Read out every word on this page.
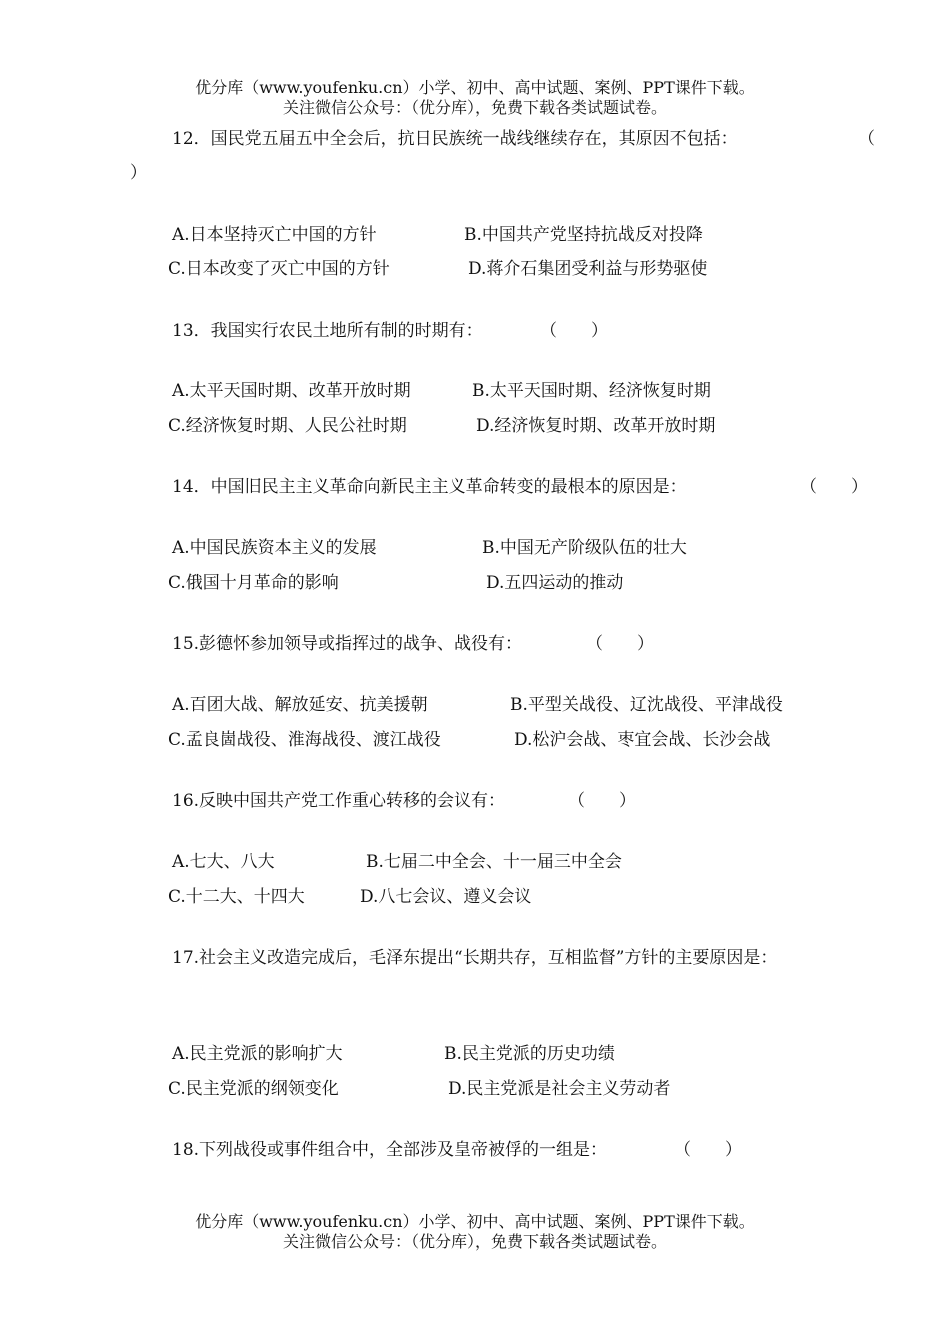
优分库（www.youfenku.cn）小学、初中、高中试题、案例、PPT课件下载。
关注微信公众号：（优分库），免费下载各类试题试卷。
12．国民党五届五中全会后，抗日民族统一战线继续存在，其原因不包括：	（
）
A.日本坚持灭亡中国的方针	B.中国共产党坚持抗战反对投降
C.日本改变了灭亡中国的方针	D.蒋介石集团受利益与形势驱使
13．我国实行农民土地所有制的时期有：	（　　）
A.太平天国时期、改革开放时期	B.太平天国时期、经济恢复时期
C.经济恢复时期、人民公社时期	D.经济恢复时期、改革开放时期
14．中国旧民主主义革命向新民主主义革命转变的最根本的原因是：	（　　）
A.中国民族资本主义的发展	B.中国无产阶级队伍的壮大
C.俄国十月革命的影响	D.五四运动的推动
15.彭德怀参加领导或指挥过的战争、战役有：	（　　）
A.百团大战、解放延安、抗美援朝	B.平型关战役、辽沈战役、平津战役
C.孟良崮战役、淮海战役、渡江战役	D.松沪会战、枣宜会战、长沙会战
16.反映中国共产党工作重心转移的会议有：	（　　）
A.七大、八大	B.七届二中全会、十一届三中全会
C.十二大、十四大	D.八七会议、遵义会议
17.社会主义改造完成后，毛泽东提出“长期共存，互相监督”方针的主要原因是：
A.民主党派的影响扩大	B.民主党派的历史功绩
C.民主党派的纲领变化	D.民主党派是社会主义劳动者
18.下列战役或事件组合中，全部涉及皇帝被俘的一组是：	（　　）
优分库（www.youfenku.cn）小学、初中、高中试题、案例、PPT课件下载。
关注微信公众号：（优分库），免费下载各类试题试卷。
